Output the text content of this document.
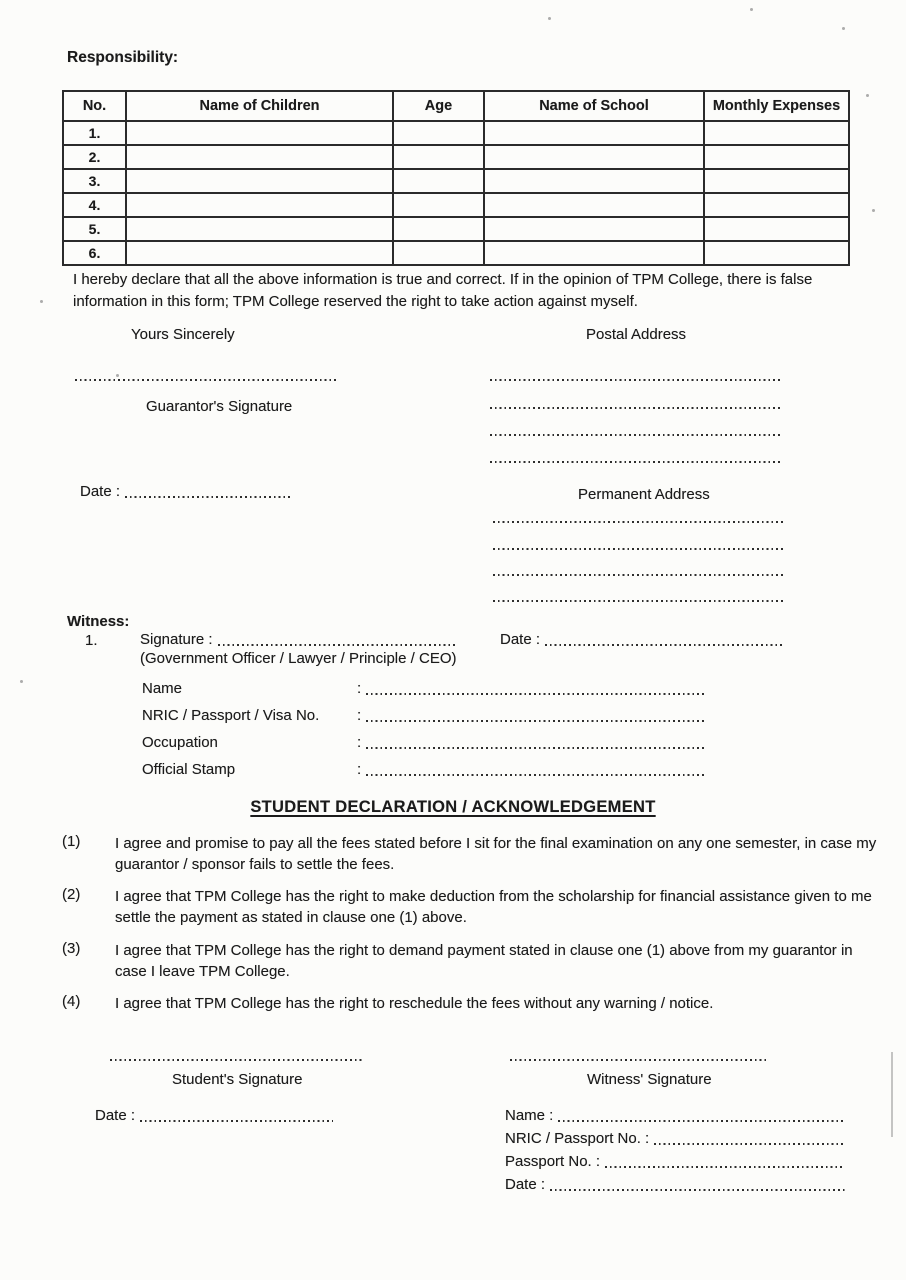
Responsibility:
No.	Name of Children	Age	Name of School	Monthly Expenses
1.				
2.				
3.				
4.				
5.				
6.				

I hereby declare that all the above information is true and correct. If in the opinion of TPM College, there is false information in this form; TPM College reserved the right to take action against myself.

Yours Sincerely	Postal Address
Guarantor's Signature
Date :	Permanent Address
Witness:
1.	Signature :	Date :
(Government Officer / Lawyer / Principle / CEO)
Name	:
NRIC / Passport / Visa No.	:
Occupation	:
Official Stamp	:
STUDENT DECLARATION / ACKNOWLEDGEMENT
(1)	I agree and promise to pay all the fees stated before I sit for the final examination on any one semester, in case my guarantor / sponsor fails to settle the fees.
(2)	I agree that TPM College has the right to make deduction from the scholarship for financial assistance given to me settle the payment as stated in clause one (1) above.
(3)	I agree that TPM College has the right to demand payment stated in clause one (1) above from my guarantor in case I leave TPM College.
(4)	I agree that TPM College has the right to reschedule the fees without any warning / notice.
Student's Signature
Date :
Witness' Signature
Name :
NRIC / Passport No. :
Passport No. :
Date :
